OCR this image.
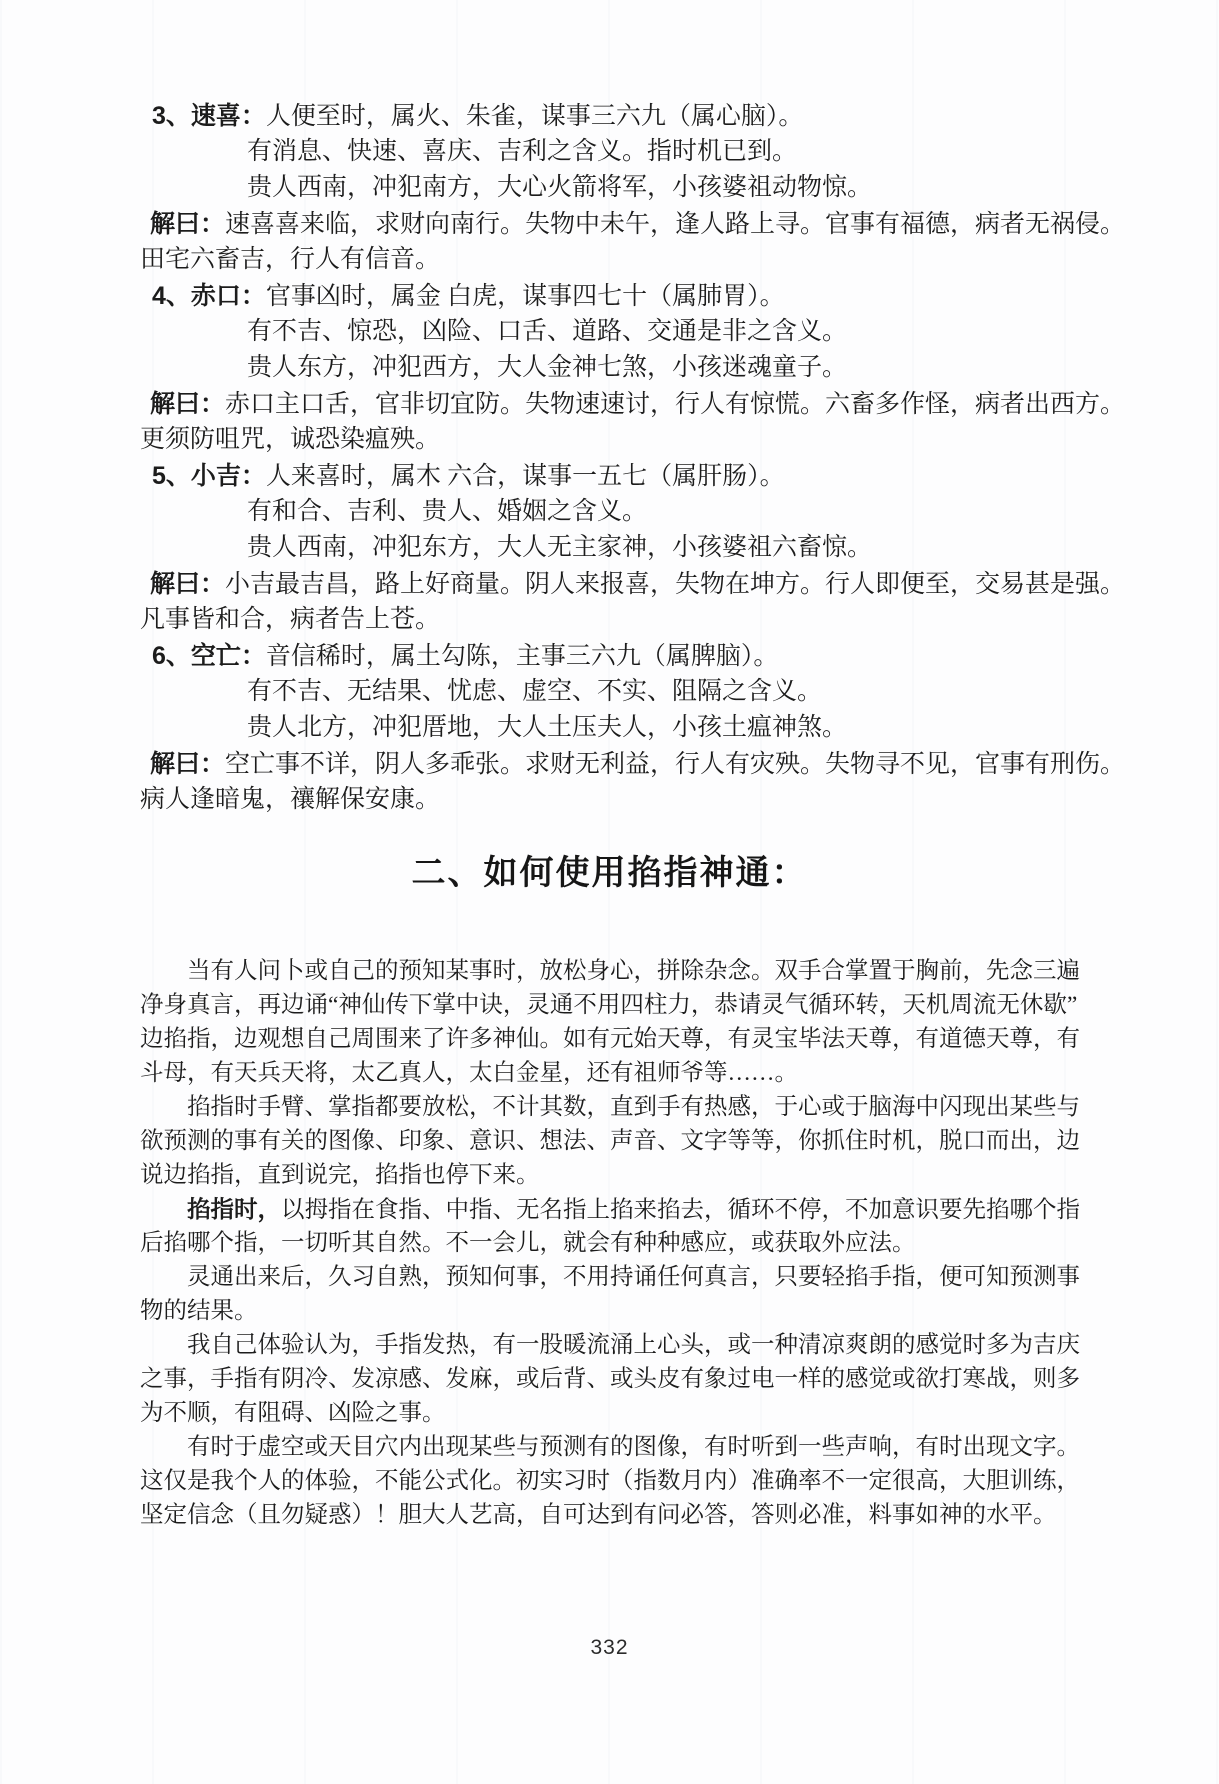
3、速喜：人便至时，属火、朱雀，谋事三六九（属心脑）。
有消息、快速、喜庆、吉利之含义。指时机已到。
贵人西南，冲犯南方，大心火箭将军，小孩婆祖动物惊。
解曰：速喜喜来临，求财向南行。失物中未午，逢人路上寻。官事有福德，病者无祸侵。
田宅六畜吉，行人有信音。
4、赤口：官事凶时，属金 白虎，谋事四七十（属肺胃）。
有不吉、惊恐，凶险、口舌、道路、交通是非之含义。
贵人东方，冲犯西方，大人金神七煞，小孩迷魂童子。
解曰：赤口主口舌，官非切宜防。失物速速讨，行人有惊慌。六畜多作怪，病者出西方。
更须防咀咒，诚恐染瘟殃。
5、小吉：人来喜时，属木 六合，谋事一五七（属肝肠）。
有和合、吉利、贵人、婚姻之含义。
贵人西南，冲犯东方，大人无主家神，小孩婆祖六畜惊。
解曰：小吉最吉昌，路上好商量。阴人来报喜，失物在坤方。行人即便至，交易甚是强。
凡事皆和合，病者告上苍。
6、空亡：音信稀时，属土勾陈，主事三六九（属脾脑）。
有不吉、无结果、忧虑、虚空、不实、阻隔之含义。
贵人北方，冲犯厝地，大人土压夫人，小孩土瘟神煞。
解曰：空亡事不详，阴人多乖张。求财无利益，行人有灾殃。失物寻不见，官事有刑伤。
病人逢暗鬼，禳解保安康。
二、如何使用掐指神通：
当有人问卜或自己的预知某事时，放松身心，拼除杂念。双手合掌置于胸前，先念三遍
净身真言，再边诵“神仙传下掌中诀，灵通不用四柱力，恭请灵气循环转，天机周流无休歇”
边掐指，边观想自己周围来了许多神仙。如有元始天尊，有灵宝毕法天尊，有道德天尊，有
斗母，有天兵天将，太乙真人，太白金星，还有祖师爷等……。
掐指时手臂、掌指都要放松，不计其数，直到手有热感，于心或于脑海中闪现出某些与
欲预测的事有关的图像、印象、意识、想法、声音、文字等等，你抓住时机，脱口而出，边
说边掐指，直到说完，掐指也停下来。
掐指时，以拇指在食指、中指、无名指上掐来掐去，循环不停，不加意识要先掐哪个指
后掐哪个指，一切听其自然。不一会儿，就会有种种感应，或获取外应法。
灵通出来后，久习自熟，预知何事，不用持诵任何真言，只要轻掐手指，便可知预测事
物的结果。
我自己体验认为，手指发热，有一股暖流涌上心头，或一种清凉爽朗的感觉时多为吉庆
之事，手指有阴冷、发凉感、发麻，或后背、或头皮有象过电一样的感觉或欲打寒战，则多
为不顺，有阻碍、凶险之事。
有时于虚空或天目穴内出现某些与预测有的图像，有时听到一些声响，有时出现文字。
这仅是我个人的体验，不能公式化。初实习时（指数月内）准确率不一定很高，大胆训练，
坚定信念（且勿疑惑）！胆大人艺高，自可达到有问必答，答则必准，料事如神的水平。
332
